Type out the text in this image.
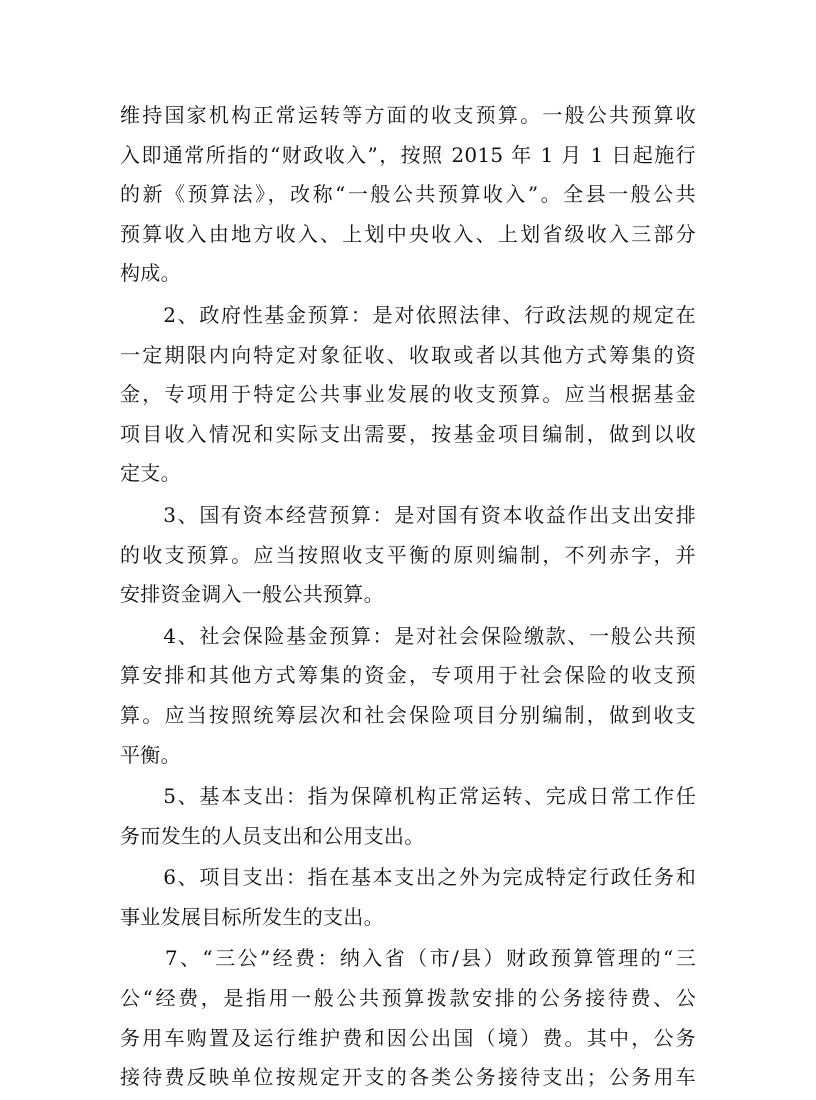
维持国家机构正常运转等方面的收支预算。一般公共预算收
入即通常所指的“财政收入”，按照 2015 年 1 月 1 日起施行
的新《预算法》，改称“一般公共预算收入”。全县一般公共
预算收入由地方收入、上划中央收入、上划省级收入三部分
构成。
　　2、政府性基金预算：是对依照法律、行政法规的规定在
一定期限内向特定对象征收、收取或者以其他方式筹集的资
金，专项用于特定公共事业发展的收支预算。应当根据基金
项目收入情况和实际支出需要，按基金项目编制，做到以收
定支。
　　3、国有资本经营预算：是对国有资本收益作出支出安排
的收支预算。应当按照收支平衡的原则编制，不列赤字，并
安排资金调入一般公共预算。
　　4、社会保险基金预算：是对社会保险缴款、一般公共预
算安排和其他方式筹集的资金，专项用于社会保险的收支预
算。应当按照统筹层次和社会保险项目分别编制，做到收支
平衡。
　　5、基本支出：指为保障机构正常运转、完成日常工作任
务而发生的人员支出和公用支出。
　　6、项目支出：指在基本支出之外为完成特定行政任务和
事业发展目标所发生的支出。
　　7、“三公”经费：纳入省（市/县）财政预算管理的“三
公“经费，是指用一般公共预算拨款安排的公务接待费、公
务用车购置及运行维护费和因公出国（境）费。其中，公务
接待费反映单位按规定开支的各类公务接待支出；公务用车
